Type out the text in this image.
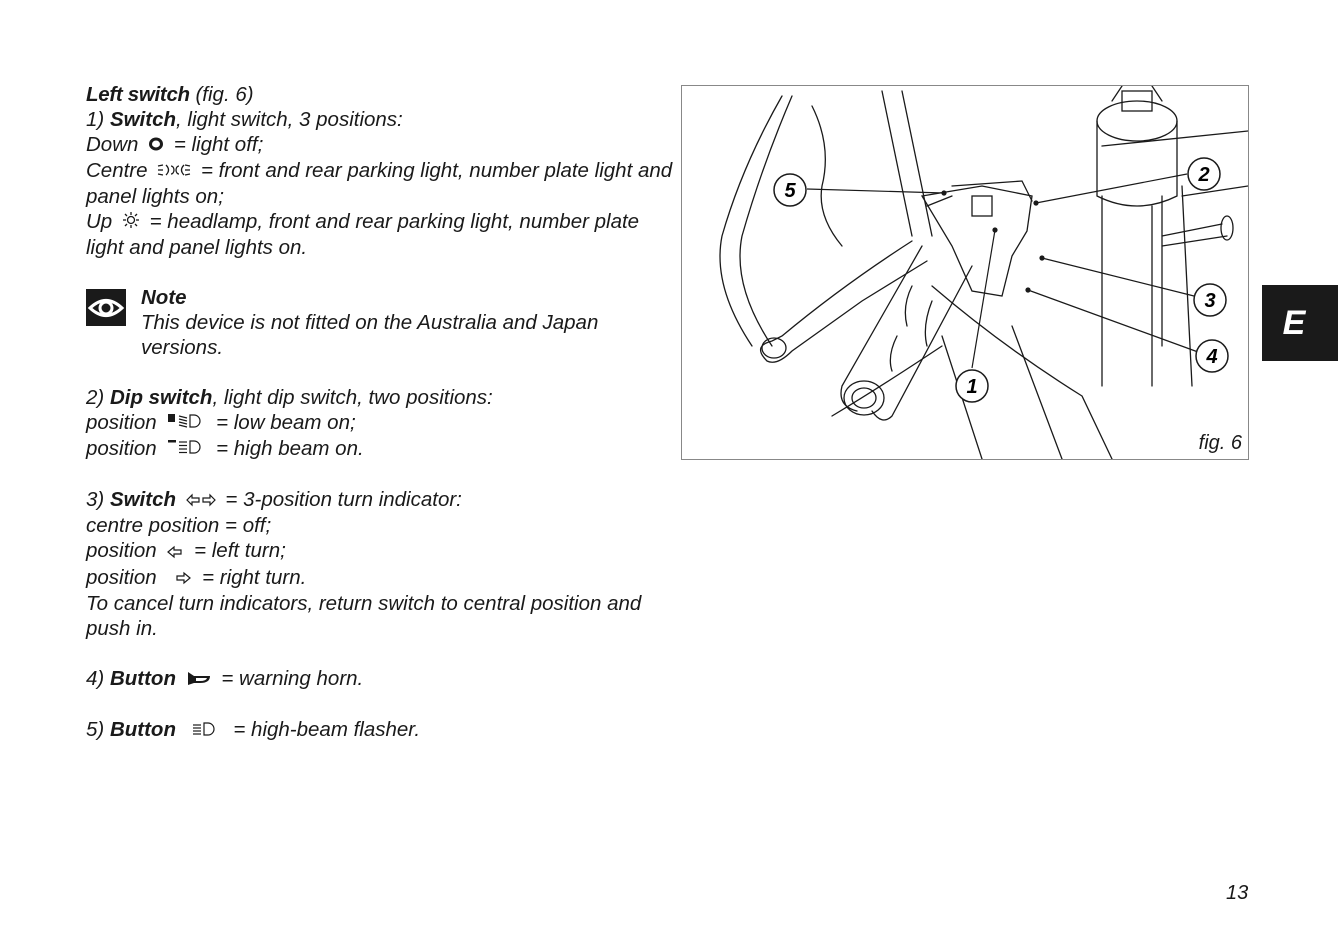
Left switch (fig. 6)

1) Switch, light switch, 3 positions:

Down = light off;

Centre	= front and rear parking light, number plate light and panel lights on;

Up = headlamp, front and rear parking light, number plate light and panel lights on.

Note

This device is not fitted on the Australia and Japan versions.

2) Dip switch, light dip switch, two positions:

position	= low beam on;

position	= high beam on.

3) Switch = 3-position turn indicator:

centre position = off;

position = left turn;

position = right turn.

To cancel turn indicators, return switch to central position and push in.

4) Button = warning horn.

5) Button	= high-beam flasher.

5
2
3
4
1
fig. 6
E
13
